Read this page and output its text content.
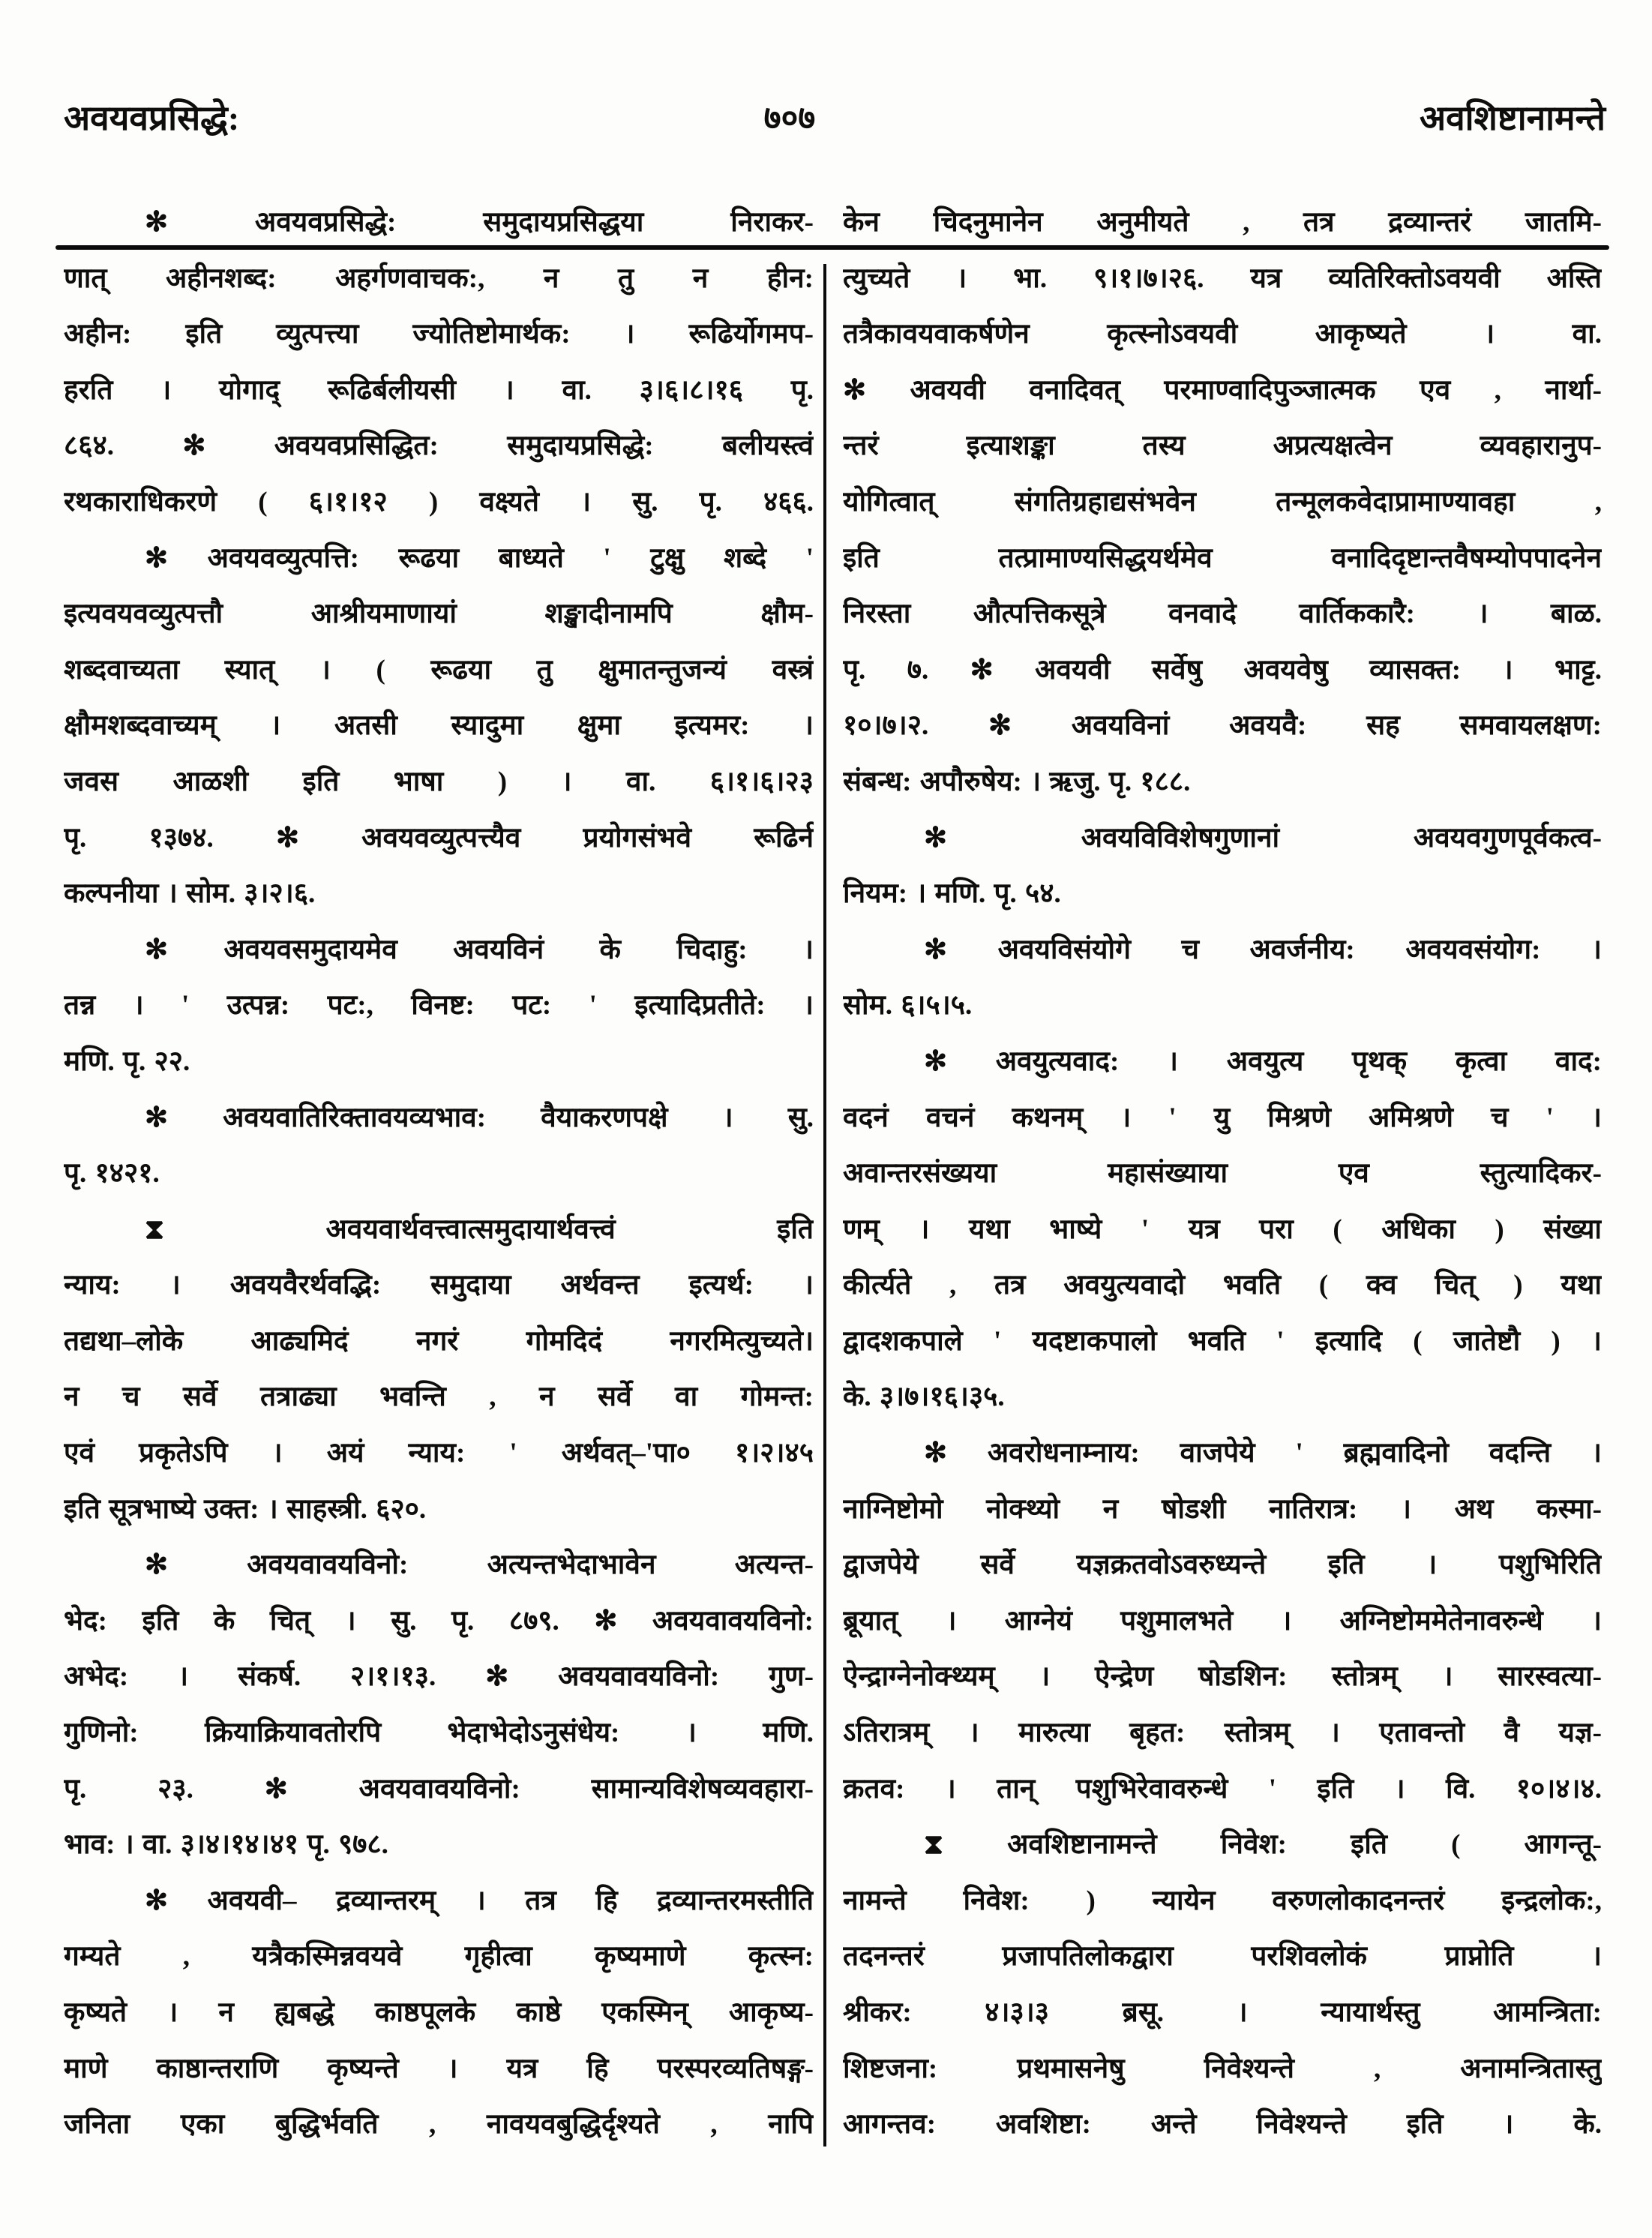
अवयवप्रसिद्धे:	७०७	अवशिष्टानामन्ते
✻ अवयवप्रसिद्धे: समुदायप्रसिद्धया निराकर-
णात् अहीनशब्द: अहर्गणवाचक:, न तु न हीन:
अहीन: इति व्युत्पत्त्या ज्योतिष्टोमार्थक: । रूढिर्योगमप-
हरति । योगाद् रूढिर्बलीयसी । वा. ३।६।८।१६ पृ.
८६४. ✻ अवयवप्रसिद्धित: समुदायप्रसिद्धे: बलीयस्त्वं
रथकाराधिकरणे ( ६।१।१२ ) वक्ष्यते । सु. पृ. ४६६.
✻ अवयवव्युत्पत्ति: रूढया बाध्यते ' टुक्षु शब्दे '
इत्यवयवव्युत्पत्तौ आश्रीयमाणायां शङ्खादीनामपि क्षौम-
शब्दवाच्यता स्यात् । ( रूढया तु क्षुमातन्तुजन्यं वस्त्रं
क्षौमशब्दवाच्यम् । अतसी स्यादुमा क्षुमा इत्यमर: ।
जवस आळशी इति भाषा ) । वा. ६।१।६।२३
पृ. १३७४. ✻ अवयवव्युत्पत्त्यैव प्रयोगसंभवे रूढिर्न
कल्पनीया । सोम. ३।२।६.
✻ अवयवसमुदायमेव अवयविनं के चिदाहु: ।
तन्न । ' उत्पन्न: पट:, विनष्ट: पट: ' इत्यादिप्रतीते: ।
मणि. पृ. २२.
✻ अवयवातिरिक्तावयव्यभाव: वैयाकरणपक्षे । सु.
पृ. १४२१.
⧗ अवयवार्थवत्त्वात्समुदायार्थवत्त्वं इति
न्याय: । अवयवैरर्थवद्भि: समुदाया अर्थवन्त इत्यर्थ: ।
तद्यथा–लोके आढ्यमिदं नगरं गोमदिदं नगरमित्युच्यते।
न च सर्वे तत्राढ्या भवन्ति , न सर्वे वा गोमन्त:
एवं प्रकृतेऽपि । अयं न्याय: ' अर्थवत्–'पा० १।२।४५
इति सूत्रभाष्ये उक्त: । साहस्त्री. ६२०.
✻ अवयवावयविनो: अत्यन्तभेदाभावेन अत्यन्त-
भेद: इति के चित् । सु. पृ. ८७९. ✻ अवयवावयविनो:
अभेद: । संकर्ष. २।१।१३. ✻ अवयवावयविनो: गुण-
गुणिनो: क्रियाक्रियावतोरपि भेदाभेदोऽनुसंधेय: । मणि.
पृ. २३. ✻ अवयवावयविनो: सामान्यविशेषव्यवहारा-
भाव: । वा. ३।४।१४।४१ पृ. ९७८.
✻ अवयवी– द्रव्यान्तरम् । तत्र हि द्रव्यान्तरमस्तीति
गम्यते , यत्रैकस्मिन्नवयवे गृहीत्वा कृष्यमाणे कृत्स्न:
कृष्यते । न ह्यबद्धे काष्ठपूलके काष्ठे एकस्मिन् आकृष्य-
माणे काष्ठान्तराणि कृष्यन्ते । यत्र हि परस्परव्यतिषङ्ग-
जनिता एका बुद्धिर्भवति , नावयवबुद्धिर्दृश्यते , नापि
केन चिदनुमानेन अनुमीयते , तत्र द्रव्यान्तरं जातमि-
त्युच्यते । भा. ९।१।७।२६. यत्र व्यतिरिक्तोऽवयवी अस्ति
तत्रैकावयवाकर्षणेन कृत्स्नोऽवयवी आकृष्यते । वा.
✻ अवयवी वनादिवत् परमाण्वादिपुञ्जात्मक एव , नार्था-
न्तरं इत्याशङ्का तस्य अप्रत्यक्षत्वेन व्यवहारानुप-
योगित्वात् संगतिग्रहाद्यसंभवेन तन्मूलकवेदाप्रामाण्यावहा ,
इति तत्प्रामाण्यसिद्धयर्थमेव वनादिदृष्टान्तवैषम्योपपादनेन
निरस्ता औत्पत्तिकसूत्रे वनवादे वार्तिककारै: । बाळ.
पृ. ७. ✻ अवयवी सर्वेषु अवयवेषु व्यासक्त: । भाट्ट.
१०।७।२. ✻ अवयविनां अवयवै: सह समवायलक्षण:
संबन्ध: अपौरुषेय: । ऋजु. पृ. १८८.
✻ अवयविविशेषगुणानां अवयवगुणपूर्वकत्व-
नियम: । मणि. पृ. ५४.
✻ अवयविसंयोगे च अवर्जनीय: अवयवसंयोग: ।
सोम. ६।५।५.
✻ अवयुत्यवाद: । अवयुत्य पृथक् कृत्वा वाद:
वदनं वचनं कथनम् । ' यु मिश्रणे अमिश्रणे च ' ।
अवान्तरसंख्यया महासंख्याया एव स्तुत्यादिकर-
णम् । यथा भाष्ये ' यत्र परा ( अधिका ) संख्या
कीर्त्यते , तत्र अवयुत्यवादो भवति ( क्व चित् ) यथा
द्वादशकपाले ' यदष्टाकपालो भवति ' इत्यादि ( जातेष्टौ ) ।
के. ३।७।१६।३५.
✻ अवरोधनाम्नाय: वाजपेये ' ब्रह्मवादिनो वदन्ति ।
नाग्निष्टोमो नोक्थ्यो न षोडशी नातिरात्र: । अथ कस्मा-
द्वाजपेये सर्वे यज्ञक्रतवोऽवरुध्यन्ते इति । पशुभिरिति
ब्रूयात् । आग्नेयं पशुमालभते । अग्निष्टोममेतेनावरुन्धे ।
ऐन्द्राग्नेनोक्थ्यम् । ऐन्द्रेण षोडशिन: स्तोत्रम् । सारस्वत्या-
ऽतिरात्रम् । मारुत्या बृहत: स्तोत्रम् । एतावन्तो वै यज्ञ-
क्रतव: । तान् पशुभिरेवावरुन्धे ' इति । वि. १०।४।४.
⧗ अवशिष्टानामन्ते निवेश: इति ( आगन्तू-
नामन्ते निवेश: ) न्यायेन वरुणलोकादनन्तरं इन्द्रलोक:,
तदनन्तरं प्रजापतिलोकद्वारा परशिवलोकं प्राप्नोति ।
श्रीकर: ४।३।३ ब्रसू. । न्यायार्थस्तु आमन्त्रिता:
शिष्टजना: प्रथमासनेषु निवेश्यन्ते , अनामन्त्रितास्तु
आगन्तव: अवशिष्टा: अन्ते निवेश्यन्ते इति । के.
